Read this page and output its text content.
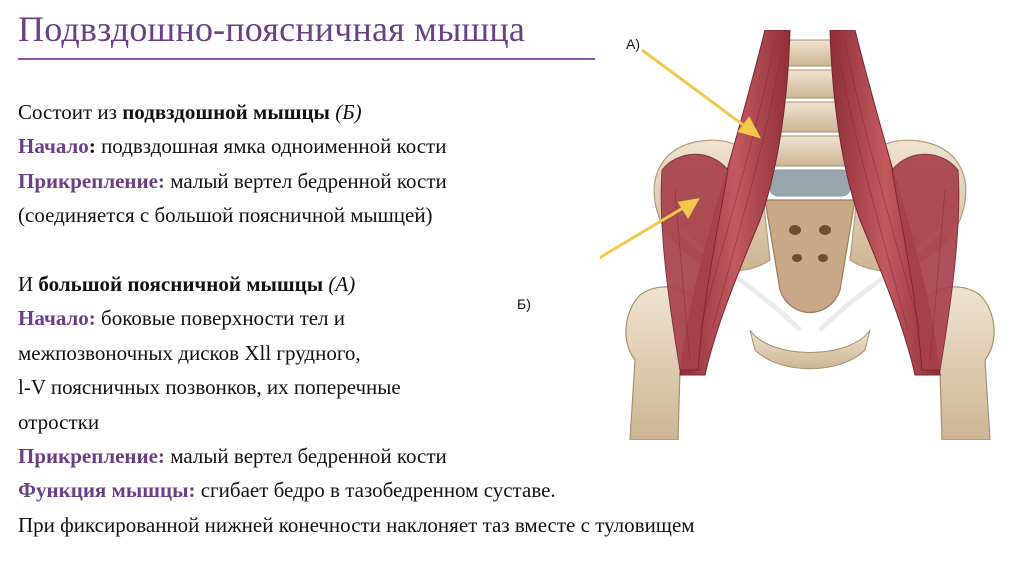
Подвздошно-поясничная мышца
Состоит из подвздошной мышцы (Б)
Начало: подвздошная ямка одноименной кости
Прикрепление: малый вертел бедренной кости
(соединяется с большой поясничной мышцей)
И большой поясничной мышцы (А)
Начало: боковые поверхности тел и
межпозвоночных дисков Xll грудного,
l-V поясничных позвонков, их поперечные
отростки
Прикрепление: малый вертел бедренной кости
Функция мышцы: сгибает бедро в тазобедренном суставе.
При фиксированной нижней конечности наклоняет таз вместе с туловищем
А)
Б)
